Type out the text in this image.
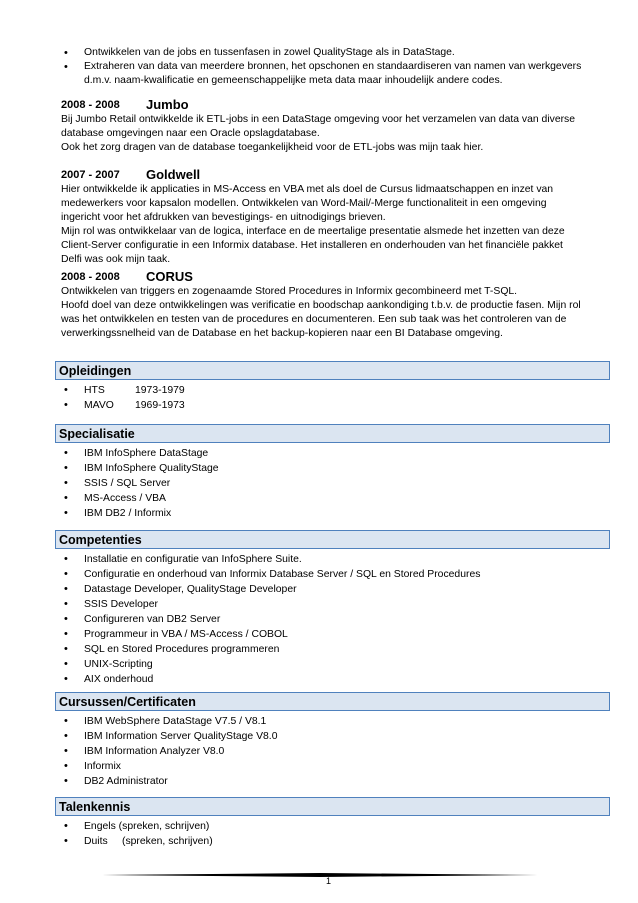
• Ontwikkelen van de jobs en tussenfasen in zowel QualityStage als in DataStage.
• Extraheren van data van meerdere bronnen, het opschonen en standaardiseren van namen van werkgevers d.m.v. naam-kwalificatie en gemeenschappelijke meta data maar inhoudelijk andere codes.
2008 - 2008 Jumbo

Bij Jumbo Retail ontwikkelde ik ETL-jobs in een DataStage omgeving voor het verzamelen van data van diverse

database omgevingen naar een Oracle opslagdatabase.

Ook het zorg dragen van de database toegankelijkheid voor de ETL-jobs was mijn taak hier.

2007 - 2007 Goldwell

Hier ontwikkelde ik applicaties in MS-Access en VBA met als doel de Cursus lidmaatschappen en inzet van

medewerkers voor kapsalon modellen. Ontwikkelen van Word-Mail/-Merge functionaliteit in een omgeving

ingericht voor het afdrukken van bevestigings- en uitnodigings brieven.

Mijn rol was ontwikkelaar van de logica, interface en de meertalige presentatie alsmede het inzetten van deze

Client-Server configuratie in een Informix database. Het installeren en onderhouden van het financiële pakket

Delfi was ook mijn taak.

2008 - 2008 CORUS

Ontwikkelen van triggers en zogenaamde Stored Procedures in Informix gecombineerd met T-SQL.

Hoofd doel van deze ontwikkelingen was verificatie en boodschap aankondiging t.b.v. de productie fasen. Mijn rol

was het ontwikkelen en testen van de procedures en documenteren. Een sub taak was het controleren van de

verwerkingssnelheid van de Database en het backup-kopieren naar een BI Database omgeving.

Opleidingen
• HTS	1973-1979
• MAVO 1969-1973
Specialisatie
• IBM InfoSphere DataStage
• IBM InfoSphere QualityStage
• SSIS / SQL Server
• MS-Access / VBA
• IBM DB2 / Informix
Competenties
• Installatie en configuratie van InfoSphere Suite.
• Configuratie en onderhoud van Informix Database Server / SQL en Stored Procedures
• Datastage Developer, QualityStage Developer
• SSIS Developer
• Configureren van DB2 Server
• Programmeur in VBA / MS-Access / COBOL
• SQL en Stored Procedures programmeren
• UNIX-Scripting
• AIX onderhoud
Cursussen/Certificaten
• IBM WebSphere DataStage V7.5 / V8.1
• IBM Information Server QualityStage V8.0
• IBM Information Analyzer V8.0
• Informix
• DB2 Administrator
Talenkennis
• Engels (spreken, schrijven)
• Duits (spreken, schrijven)
1
